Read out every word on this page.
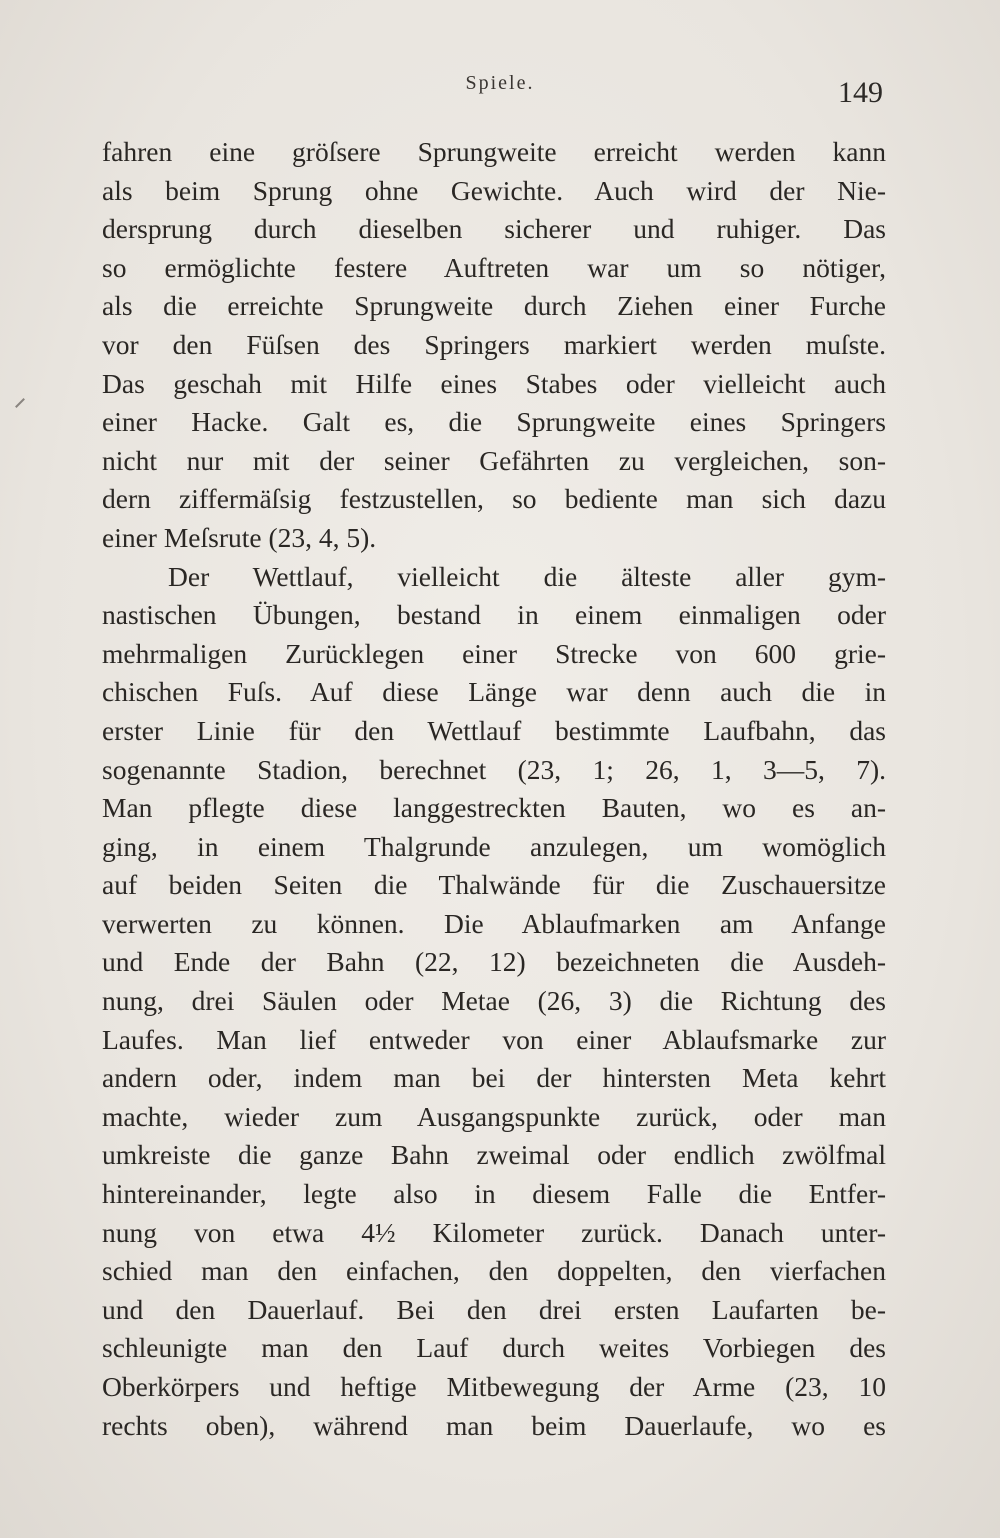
Spiele.	149
fahren eine gröſsere Sprungweite erreicht werden kann
als beim Sprung ohne Gewichte. Auch wird der Nie-
dersprung durch dieselben sicherer und ruhiger. Das
so ermöglichte festere Auftreten war um so nötiger,
als die erreichte Sprungweite durch Ziehen einer Furche
vor den Füſsen des Springers markiert werden muſste.
Das geschah mit Hilfe eines Stabes oder vielleicht auch
einer Hacke. Galt es, die Sprungweite eines Springers
nicht nur mit der seiner Gefährten zu vergleichen, son-
dern ziffermäſsig festzustellen, so bediente man sich dazu
einer Meſsrute (23, 4, 5).
Der Wettlauf, vielleicht die älteste aller gym-
nastischen Übungen, bestand in einem einmaligen oder
mehrmaligen Zurücklegen einer Strecke von 600 grie-
chischen Fuſs. Auf diese Länge war denn auch die in
erster Linie für den Wettlauf bestimmte Laufbahn, das
sogenannte Stadion, berechnet (23, 1; 26, 1, 3—5, 7).
Man pflegte diese langgestreckten Bauten, wo es an-
ging, in einem Thalgrunde anzulegen, um womöglich
auf beiden Seiten die Thalwände für die Zuschauersitze
verwerten zu können. Die Ablaufmarken am Anfange
und Ende der Bahn (22, 12) bezeichneten die Ausdeh-
nung, drei Säulen oder Metae (26, 3) die Richtung des
Laufes. Man lief entweder von einer Ablaufsmarke zur
andern oder, indem man bei der hintersten Meta kehrt
machte, wieder zum Ausgangspunkte zurück, oder man
umkreiste die ganze Bahn zweimal oder endlich zwölfmal
hintereinander, legte also in diesem Falle die Entfer-
nung von etwa 4½ Kilometer zurück. Danach unter-
schied man den einfachen, den doppelten, den vierfachen
und den Dauerlauf. Bei den drei ersten Laufarten be-
schleunigte man den Lauf durch weites Vorbiegen des
Oberkörpers und heftige Mitbewegung der Arme (23, 10
rechts oben), während man beim Dauerlaufe, wo es
